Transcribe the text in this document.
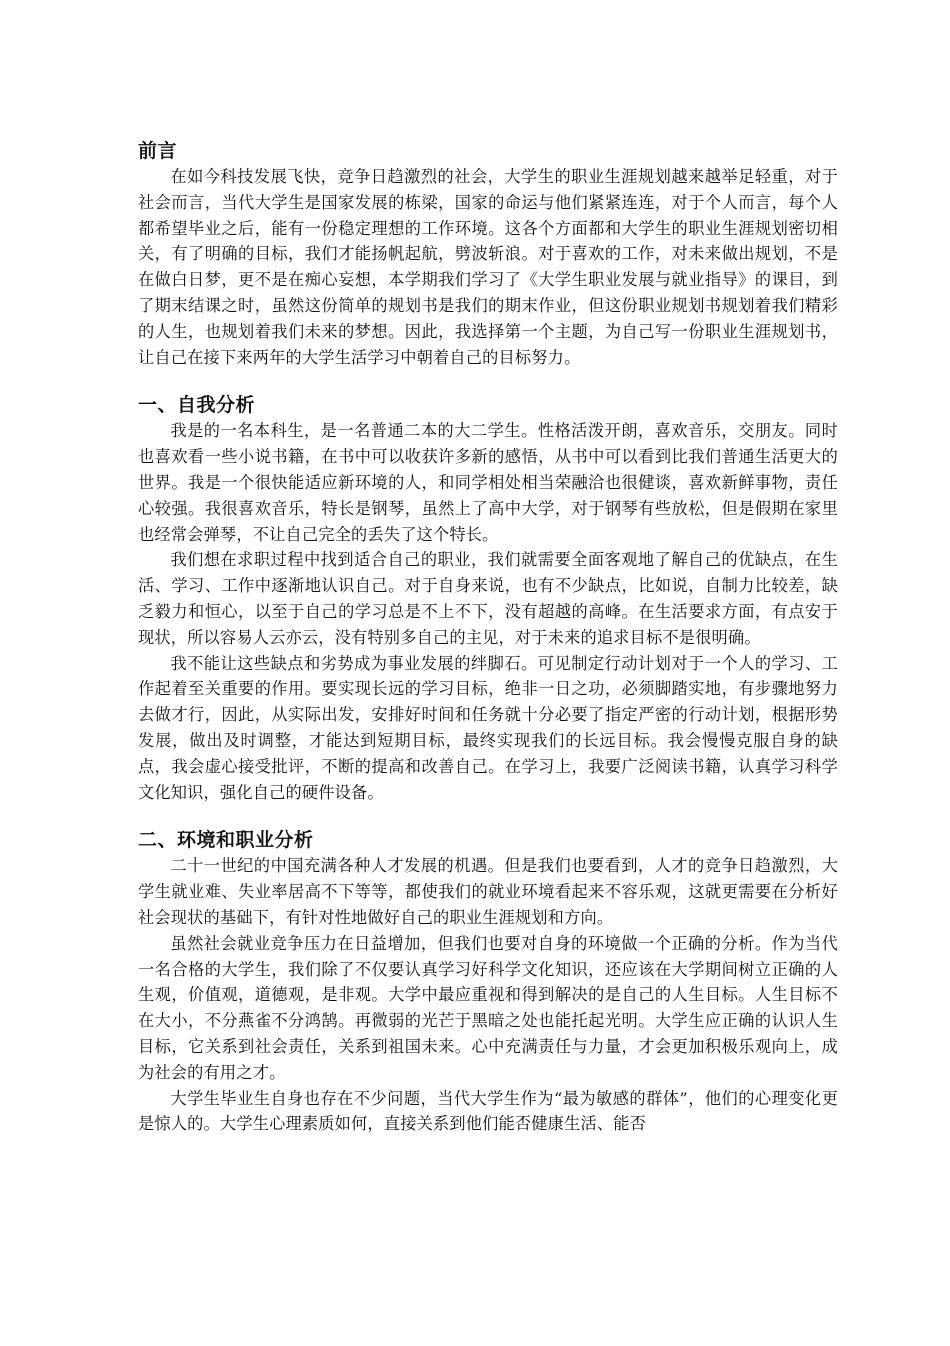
前言

在如今科技发展飞快，竞争日趋激烈的社会，大学生的职业生涯规划越来越举足轻重，对于社会而言，当代大学生是国家发展的栋梁，国家的命运与他们紧紧连连，对于个人而言，每个人都希望毕业之后，能有一份稳定理想的工作环境。这各个方面都和大学生的职业生涯规划密切相关，有了明确的目标，我们才能扬帆起航，劈波斩浪。对于喜欢的工作，对未来做出规划，不是在做白日梦，更不是在痴心妄想，本学期我们学习了《大学生职业发展与就业指导》的课目，到了期末结课之时，虽然这份简单的规划书是我们的期末作业，但这份职业规划书规划着我们精彩的人生，也规划着我们未来的梦想。因此，我选择第一个主题，为自己写一份职业生涯规划书，让自己在接下来两年的大学生活学习中朝着自己的目标努力。

一、自我分析

我是的一名本科生，是一名普通二本的大二学生。性格活泼开朗，喜欢音乐，交朋友。同时也喜欢看一些小说书籍，在书中可以收获许多新的感悟，从书中可以看到比我们普通生活更大的世界。我是一个很快能适应新环境的人，和同学相处相当荣融洽也很健谈，喜欢新鲜事物，责任心较强。我很喜欢音乐，特长是钢琴，虽然上了高中大学，对于钢琴有些放松，但是假期在家里也经常会弹琴，不让自己完全的丢失了这个特长。

我们想在求职过程中找到适合自己的职业，我们就需要全面客观地了解自己的优缺点，在生活、学习、工作中逐渐地认识自己。对于自身来说，也有不少缺点，比如说，自制力比较差，缺乏毅力和恒心，以至于自己的学习总是不上不下，没有超越的高峰。在生活要求方面，有点安于现状，所以容易人云亦云，没有特别多自己的主见，对于未来的追求目标不是很明确。

我不能让这些缺点和劣势成为事业发展的绊脚石。可见制定行动计划对于一个人的学习、工作起着至关重要的作用。要实现长远的学习目标，绝非一日之功，必须脚踏实地，有步骤地努力去做才行，因此，从实际出发，安排好时间和任务就十分必要了指定严密的行动计划，根据形势发展，做出及时调整，才能达到短期目标，最终实现我们的长远目标。我会慢慢克服自身的缺点，我会虚心接受批评，不断的提高和改善自己。在学习上，我要广泛阅读书籍，认真学习科学文化知识，强化自己的硬件设备。

二、环境和职业分析

二十一世纪的中国充满各种人才发展的机遇。但是我们也要看到，人才的竞争日趋激烈，大学生就业难、失业率居高不下等等，都使我们的就业环境看起来不容乐观，这就更需要在分析好社会现状的基础下，有针对性地做好自己的职业生涯规划和方向。

虽然社会就业竞争压力在日益增加，但我们也要对自身的环境做一个正确的分析。作为当代一名合格的大学生，我们除了不仅要认真学习好科学文化知识，还应该在大学期间树立正确的人生观，价值观，道德观，是非观。大学中最应重视和得到解决的是自己的人生目标。人生目标不在大小，不分燕雀不分鸿鹄。再微弱的光芒于黑暗之处也能托起光明。大学生应正确的认识人生目标，它关系到社会责任，关系到祖国未来。心中充满责任与力量，才会更加积极乐观向上，成为社会的有用之才。

大学生毕业生自身也存在不少问题，当代大学生作为“最为敏感的群体”，他们的心理变化更是惊人的。大学生心理素质如何，直接关系到他们能否健康生活、能否
